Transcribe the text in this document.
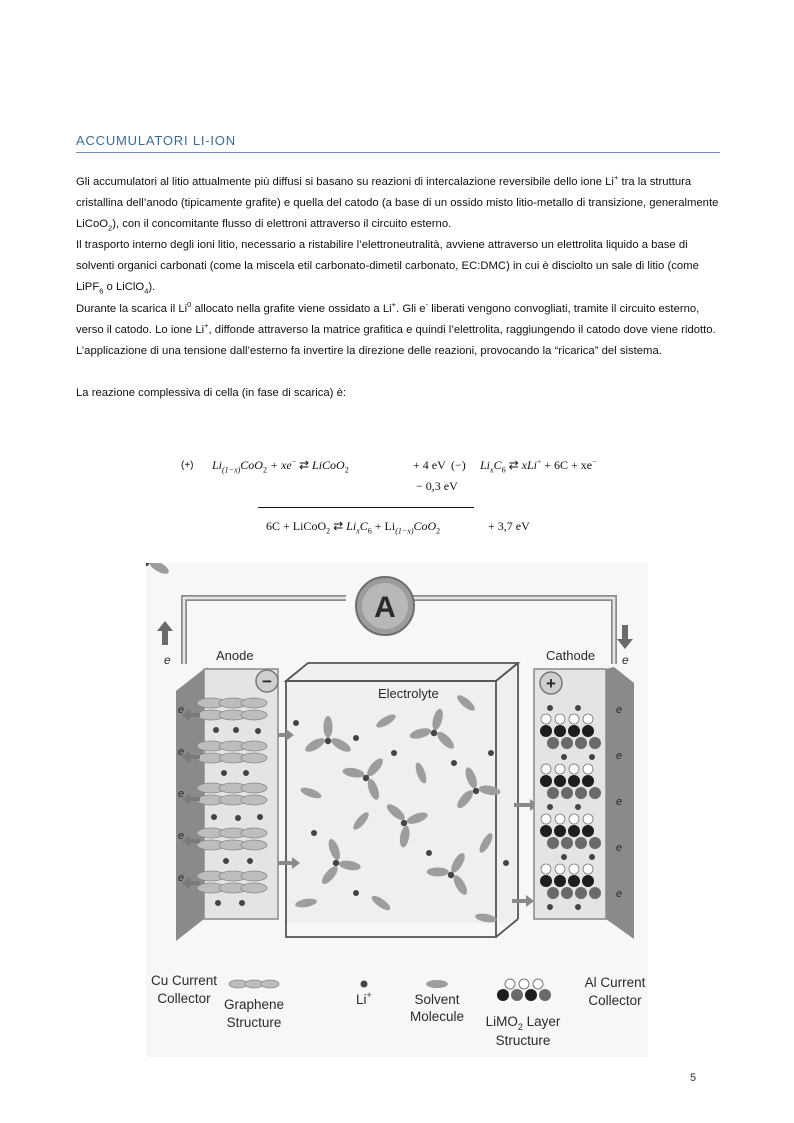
ACCUMULATORI LI-ION

Gli accumulatori al litio attualmente più diffusi si basano su reazioni di intercalazione reversibile dello ione Li+ tra la struttura cristallina dell’anodo (tipicamente grafite) e quella del catodo (a base di un ossido misto litio-metallo di transizione, generalmente LiCoO$_2$), con il concomitante flusso di elettroni attraverso il circuito esterno.

Il trasporto interno degli ioni litio, necessario a ristabilire l’elettroneutralità, avviene attraverso un elettrolita liquido a base di solventi organici carbonati (come la miscela etil carbonato-dimetil carbonato, EC:DMC) in cui è disciolto un sale di litio (come LiPF$_6$ o LiClO$_4$).

Durante la scarica il Li$^0$ allocato nella grafite viene ossidato a Li+. Gli e- liberati vengono convogliati, tramite il circuito esterno, verso il catodo. Lo ione Li+, diffonde attraverso la matrice grafitica e quindi l’elettrolita, raggiungendo il catodo dove viene ridotto.

L’applicazione di una tensione dall’esterno fa invertire la direzione delle reazioni, provocando la “ricarica” del sistema.

La reazione complessiva di cella (in fase di scarica) è:

(+) $Li_{(1-x)}CoO_2 + xe^-$ ⇄ LiCoO$_2$	+ 4 eV (−) $Li_xC_6$ ⇄ xLi+ + 6C + xe−
− 0,3 eV
6C + LiCoO$_2$ ⇄ $Li_xC_6 + Li_{(1-x)}CoO_2$	+ 3,7 eV
A
e	e
Anode
−
e
e
e
e
e
Electrolyte
Cathode
+
e
e
e
e
e
Cu Current
Collector Graphene
Structure
Li+	Solvent
Molecule LiMO$_2$ Layer
Structure
Al Current
Collector
5
